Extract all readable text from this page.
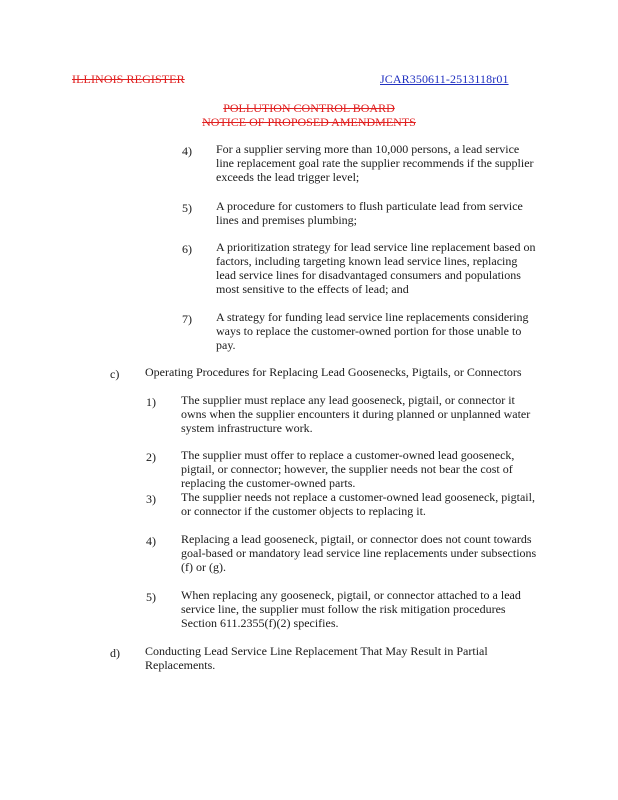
ILLINOIS REGISTER	JCAR350611-2513118r01
POLLUTION CONTROL BOARD
NOTICE OF PROPOSED AMENDMENTS
4) For a supplier serving more than 10,000 persons, a lead service
line replacement goal rate the supplier recommends if the supplier
exceeds the lead trigger level;
5) A procedure for customers to flush particulate lead from service
lines and premises plumbing;
6) A prioritization strategy for lead service line replacement based on
factors, including targeting known lead service lines, replacing
lead service lines for disadvantaged consumers and populations
most sensitive to the effects of lead; and
7) A strategy for funding lead service line replacements considering
ways to replace the customer-owned portion for those unable to
pay.
c) Operating Procedures for Replacing Lead Goosenecks, Pigtails, or Connectors
1) The supplier must replace any lead gooseneck, pigtail, or connector it
owns when the supplier encounters it during planned or unplanned water
system infrastructure work.
2) The supplier must offer to replace a customer-owned lead gooseneck,
pigtail, or connector; however, the supplier needs not bear the cost of
replacing the customer-owned parts.
3) The supplier needs not replace a customer-owned lead gooseneck, pigtail,
or connector if the customer objects to replacing it.
4) Replacing a lead gooseneck, pigtail, or connector does not count towards
goal-based or mandatory lead service line replacements under subsections
(f) or (g).
5) When replacing any gooseneck, pigtail, or connector attached to a lead
service line, the supplier must follow the risk mitigation procedures
Section 611.2355(f)(2) specifies.
d) Conducting Lead Service Line Replacement That May Result in Partial
Replacements.
